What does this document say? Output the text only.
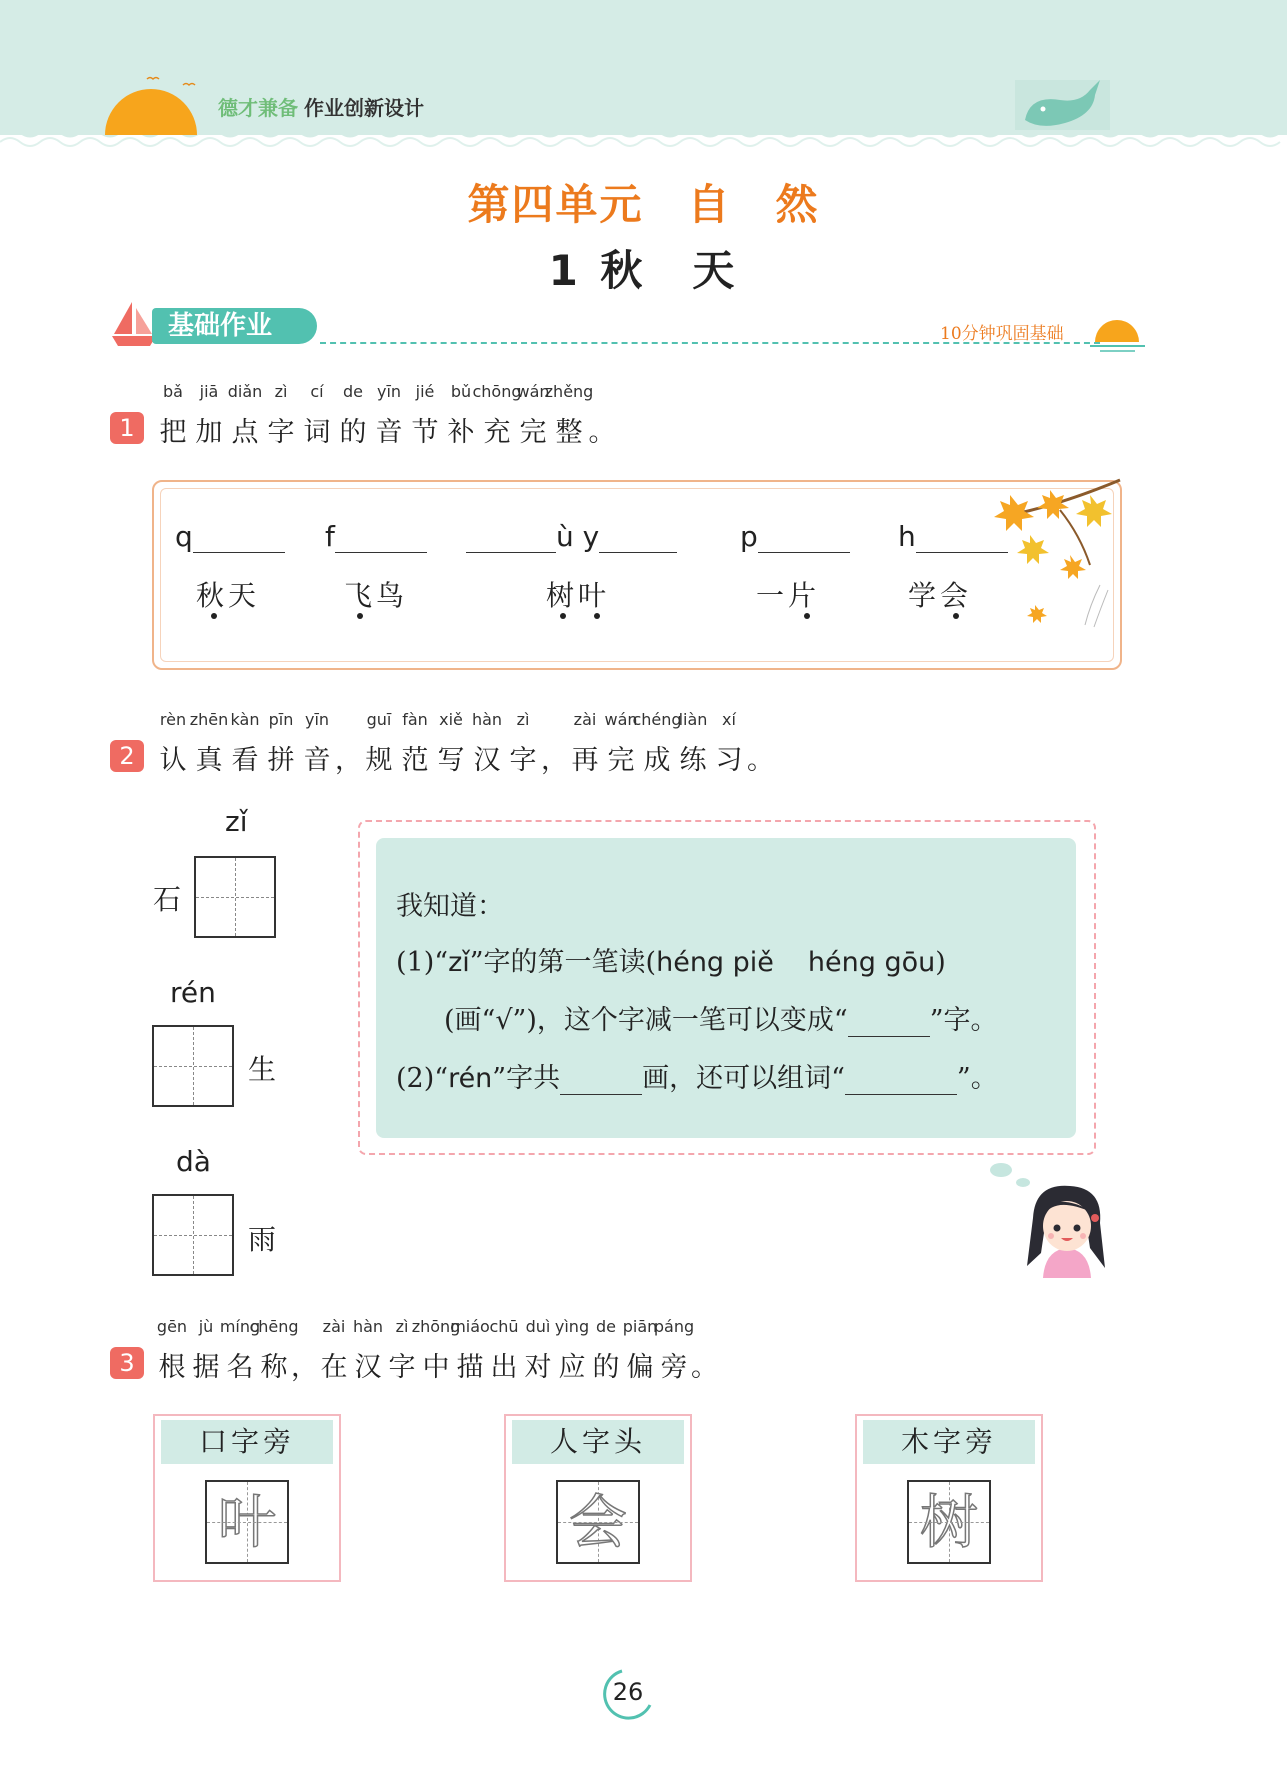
德才兼备 作业创新设计
第四单元　自　然
1 秋　天
基础作业	10分钟巩固基础
1 把
bǎ
加
jiā
点
diǎn
字
zì
词
cí
的
de
音
yīn
节
jié
补
bǔ
充
chōng
完
wán
整
zhěng
。
q
秋天
f
飞鸟
ù y
树叶
p
一片
h
学会
2 认
rèn
真
zhēn
看
kàn
拼
pīn
音
yīn
， 规
guī
范
fàn
写
xiě
汉
hàn
字
zì
， 再
zài
完
wán
成
chéng
练
liàn
习
xí
。
zǐ
石
rén
生
dà
雨
我知道：
(1)“zǐ”字的第一笔读(héng piě héng gōu)
(画“√”)，这个字减一笔可以变成“	”字。
(2)“rén”字共	画，还可以组词“	”。
3 根
gēn
据
jù
名
míng
称
chēng
，在
zài
汉
hàn
字
zì
中
zhōng
描
miáo
出
chū
对
duì
应
yìng
的
de
偏
piān
旁
páng
。
口字旁
叶
人字头
会
木字旁
树
26
